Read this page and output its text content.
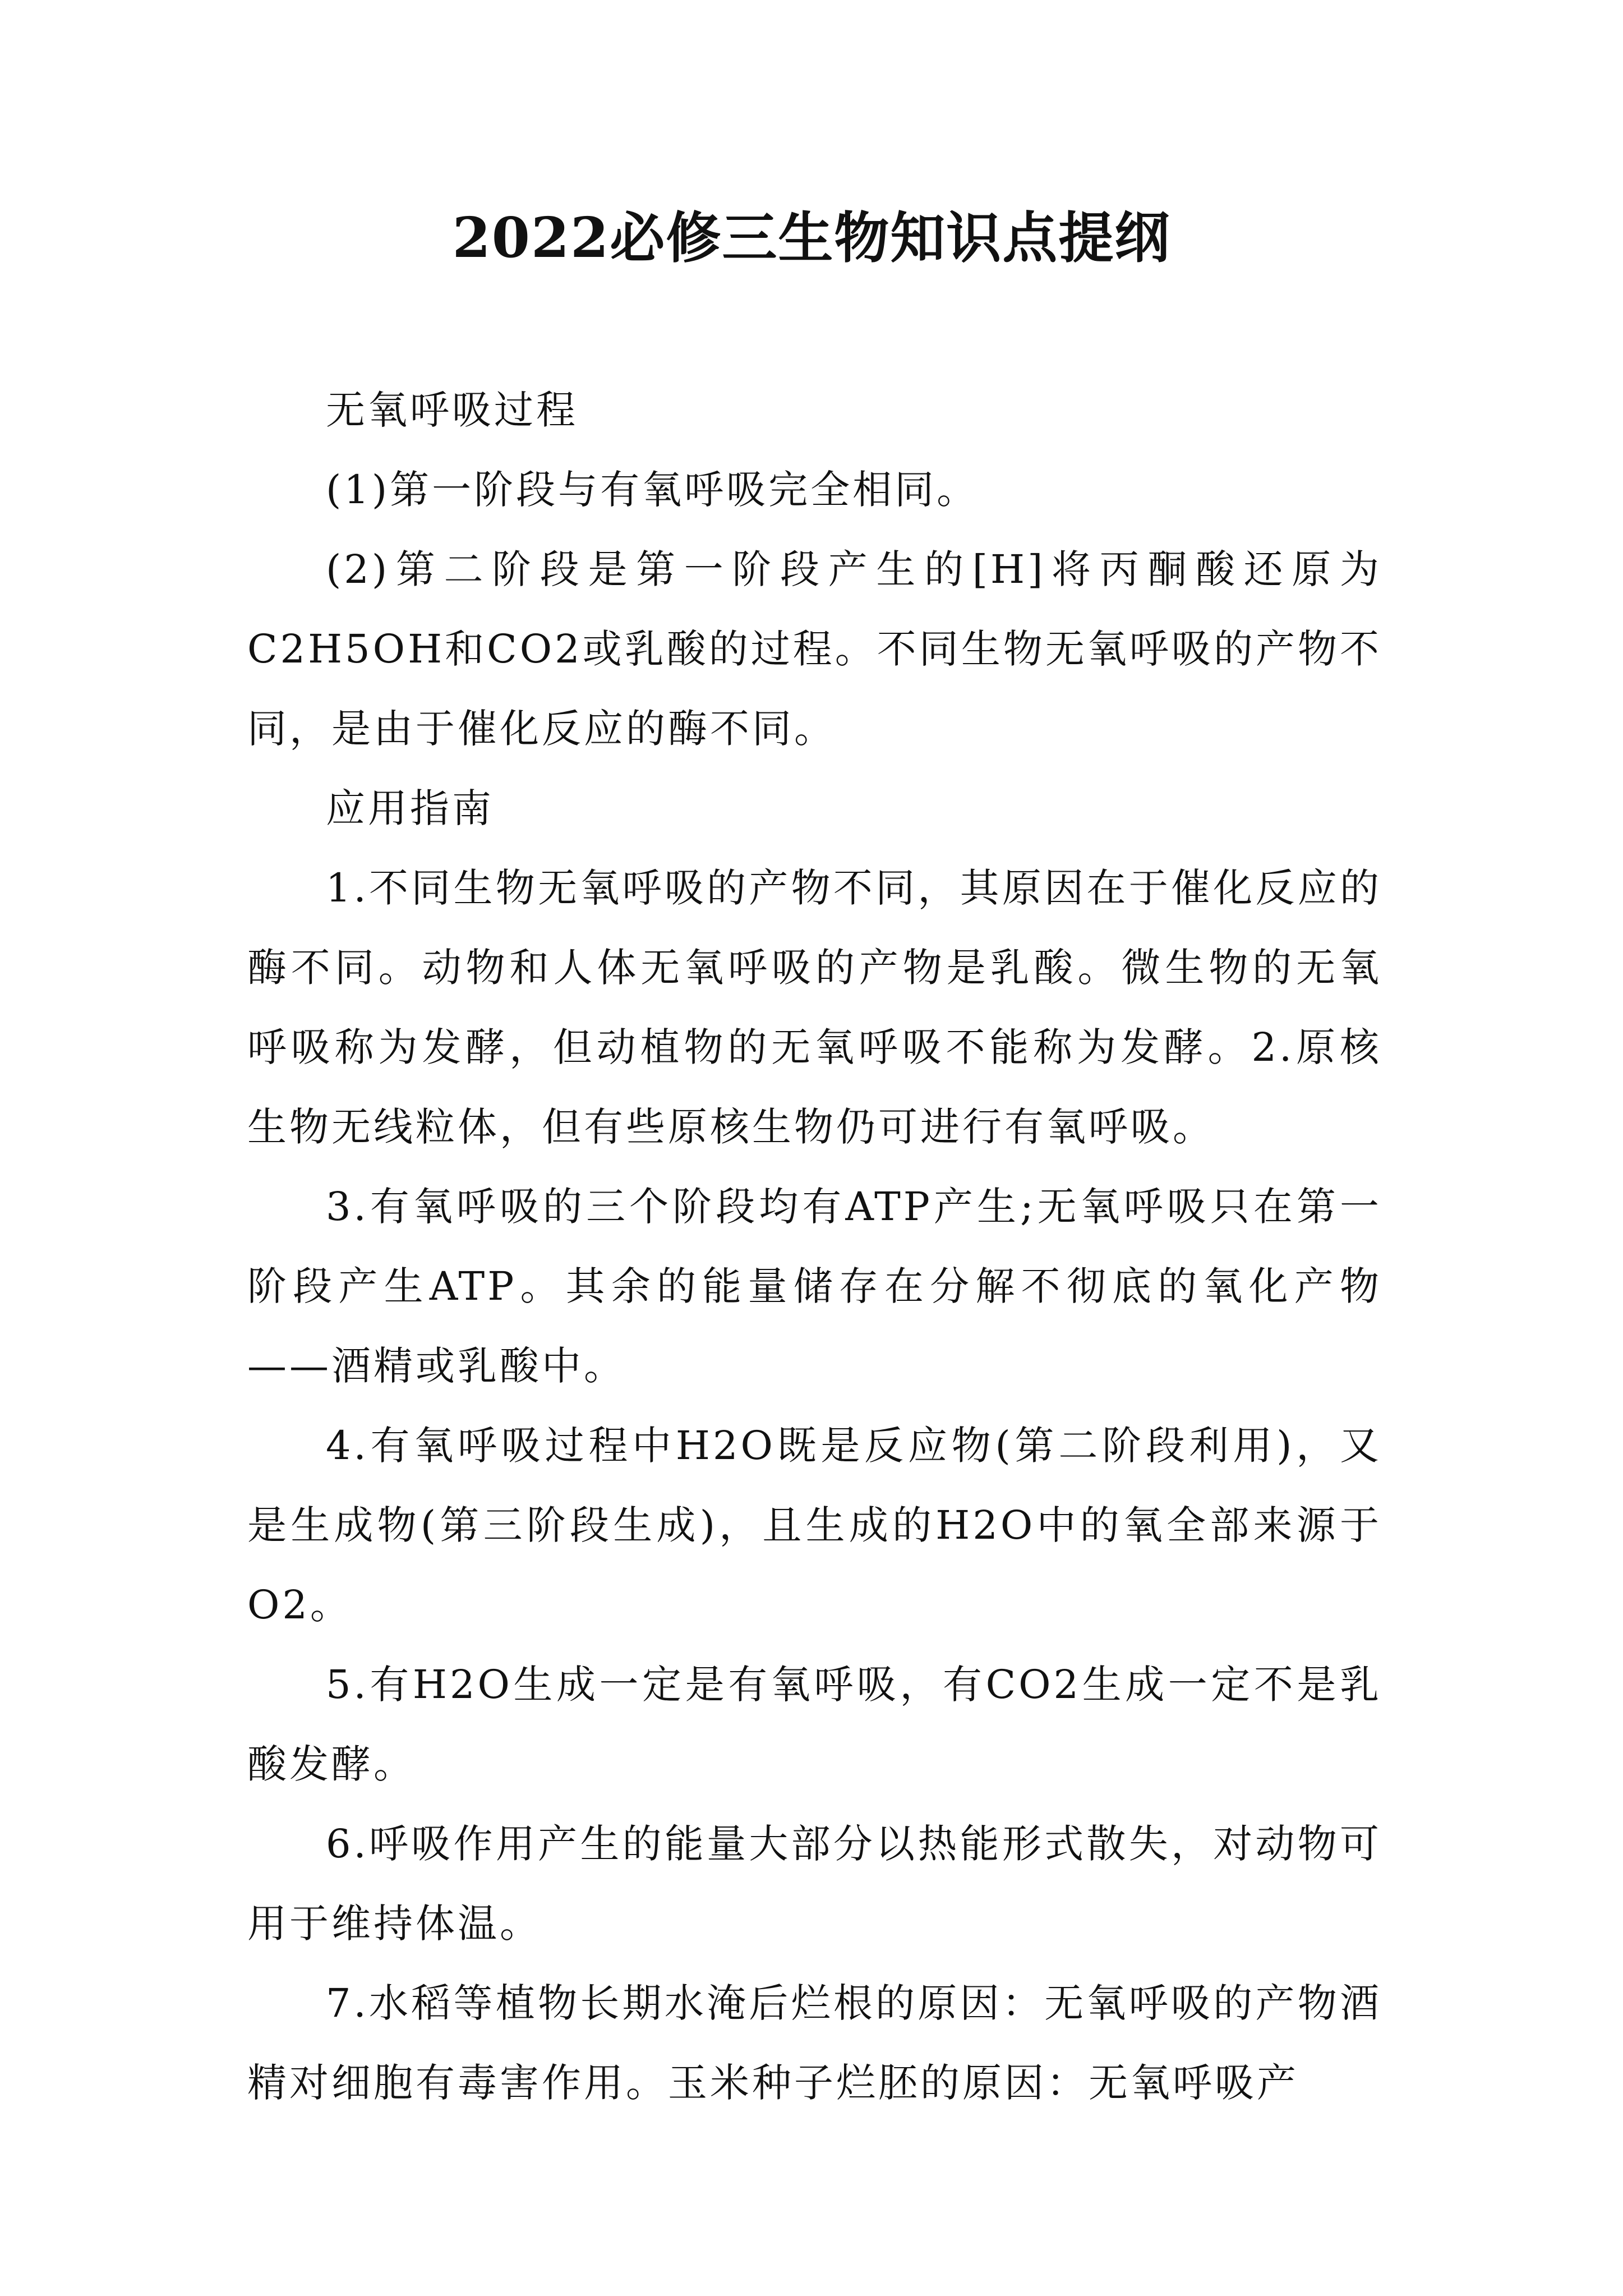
2022必修三生物知识点提纲

无氧呼吸过程

(1)第一阶段与有氧呼吸完全相同。

(2)第二阶段是第一阶段产生的[H]将丙酮酸还原为C2H5OH和CO2或乳酸的过程。不同生物无氧呼吸的产物不同，是由于催化反应的酶不同。

应用指南

1.不同生物无氧呼吸的产物不同，其原因在于催化反应的酶不同。动物和人体无氧呼吸的产物是乳酸。微生物的无氧呼吸称为发酵，但动植物的无氧呼吸不能称为发酵。2.原核生物无线粒体，但有些原核生物仍可进行有氧呼吸。

3.有氧呼吸的三个阶段均有ATP产生;无氧呼吸只在第一阶段产生ATP。其余的能量储存在分解不彻底的氧化产物——酒精或乳酸中。

4.有氧呼吸过程中H2O既是反应物(第二阶段利用)，又是生成物(第三阶段生成)，且生成的H2O中的氧全部来源于O2。

5.有H2O生成一定是有氧呼吸，有CO2生成一定不是乳酸发酵。

6.呼吸作用产生的能量大部分以热能形式散失，对动物可用于维持体温。

7.水稻等植物长期水淹后烂根的原因：无氧呼吸的产物酒精对细胞有毒害作用。玉米种子烂胚的原因：无氧呼吸产
